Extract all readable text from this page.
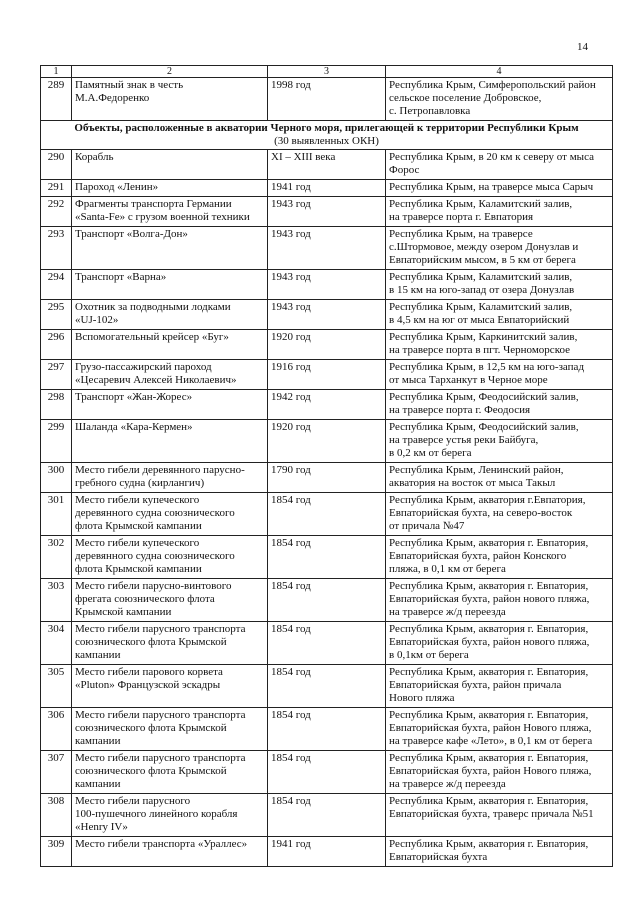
14
1	2	3	4
289	Памятный знак в честь
М.А.Федоренко	1998 год	Республика Крым, Симферопольский район
сельское поселение Добровское,
с. Петропавловка

Объекты, расположенные в акватории Черного моря, прилегающей к территории Республики Крым
(30 выявленных ОКН)			

290	Корабль	XI – XIII века	Республика Крым, в 20 км к северу от мыса
Форос
291	Пароход «Ленин»	1941 год	Республика Крым, на траверсе мыса Сарыч
292	Фрагменты транспорта Германии
«Santa-Fe» с грузом военной техники	1943 год	Республика Крым, Каламитский залив,
на траверсе порта г. Евпатория
293	Транспорт «Волга-Дон»	1943 год	Республика Крым, на траверсе
с.Штормовое, между озером Донузлав и
Евпаторийским мысом, в 5 км от берега
294	Транспорт «Варна»	1943 год	Республика Крым, Каламитский залив,
в 15 км на юго-запад от озера Донузлав
295	Охотник за подводными лодками
«UJ-102»	1943 год	Республика Крым, Каламитский залив,
в 4,5 км на юг от мыса Евпаторийский
296	Вспомогательный крейсер «Буг»	1920 год	Республика Крым, Каркинитский залив,
на траверсе порта в пгт. Черноморское
297	Грузо-пассажирский пароход
«Цесаревич Алексей Николаевич»	1916 год	Республика Крым, в 12,5 км на юго-запад
от мыса Тарханкут в Черное море
298	Транспорт «Жан-Жорес»	1942 год	Республика Крым, Феодосийский залив,
на траверсе порта г. Феодосия
299	Шаланда «Кара-Кермен»	1920 год	Республика Крым, Феодосийский залив,
на траверсе устья реки Байбуга,
в 0,2 км от берега
300	Место гибели деревянного парусно-
гребного судна (кирлангич)	1790 год	Республика Крым, Ленинский район,
акватория на восток от мыса Такыл
301	Место гибели купеческого
деревянного судна союзнического
флота Крымской кампании	1854 год	Республика Крым, акватория г.Евпатория,
Евпаторийская бухта, на северо-восток
от причала №47
302	Место гибели купеческого
деревянного судна союзнического
флота Крымской кампании	1854 год	Республика Крым, акватория г. Евпатория,
Евпаторийская бухта, район Конского
пляжа, в 0,1 км от берега
303	Место гибели парусно-винтового
фрегата союзнического флота
Крымской кампании	1854 год	Республика Крым, акватория г. Евпатория,
Евпаторийская бухта, район нового пляжа,
на траверсе ж/д переезда
304	Место гибели парусного транспорта
союзнического флота Крымской
кампании	1854 год	Республика Крым, акватория г. Евпатория,
Евпаторийская бухта, район нового пляжа,
в 0,1км от берега
305	Место гибели парового корвета
«Pluton» Французской эскадры	1854 год	Республика Крым, акватория г. Евпатория,
Евпаторийская бухта, район причала
Нового пляжа
306	Место гибели парусного транспорта
союзнического флота Крымской
кампании	1854 год	Республика Крым, акватория г. Евпатория,
Евпаторийская бухта, район Нового пляжа,
на траверсе кафе «Лето», в 0,1 км от берега
307	Место гибели парусного транспорта
союзнического флота Крымской
кампании	1854 год	Республика Крым, акватория г. Евпатория,
Евпаторийская бухта, район Нового пляжа,
на траверсе ж/д переезда
308	Место гибели парусного
100-пушечного линейного корабля
«Henry IV»	1854 год	Республика Крым, акватория г. Евпатория,
Евпаторийская бухта, траверс причала №51
309	Место гибели транспорта «Ураллес»	1941 год	Республика Крым, акватория г. Евпатория,
Евпаторийская бухта
